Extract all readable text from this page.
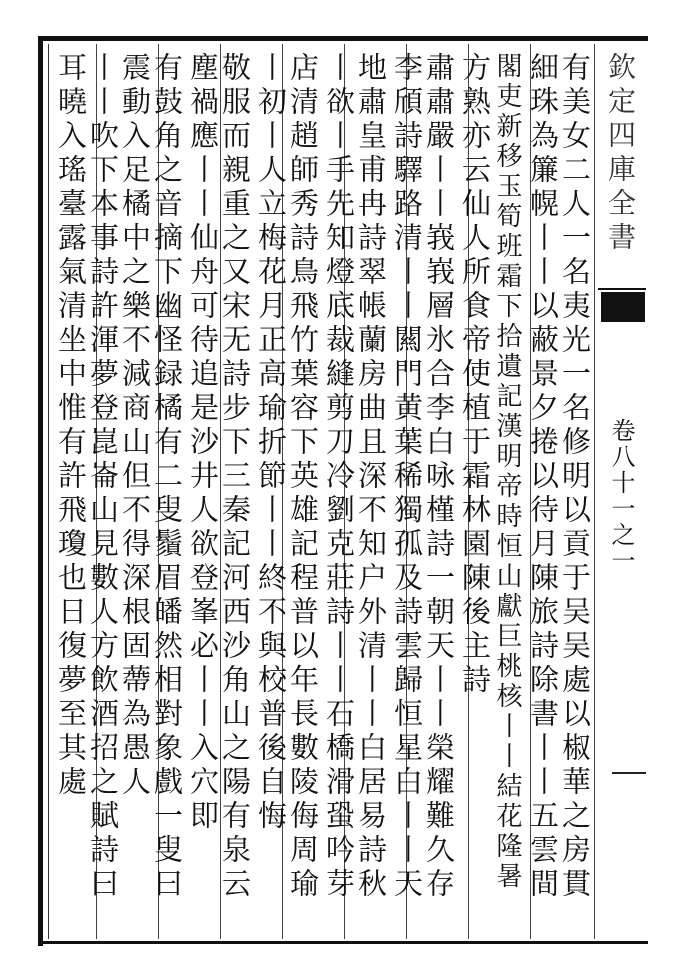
欽定四庫全書
卷八十一之一

有美女二人一名夷光一名修明以貢于吴吴處以椒華之房貫

細珠為簾幌丨丨以蔽景夕捲以待月陳旅詩除書丨丨五雲間

閣吏新移玉筍班霜下拾遺記漢明帝時恒山獻巨桃核丨丨結花隆暑

方熟亦云仙人所食帝使植于霜林園陳後主詩

肅肅嚴丨丨峩峩層氷合李白咏槿詩一朝天丨丨榮耀難久存

李頎詩驛路清丨丨闗門黄葉稀獨孤及詩雲歸恒星白丨丨天

地肅皇甫冉詩翠帳蘭房曲且深不知户外清丨丨白居易詩秋

丨欲丨手先知燈底裁縫剪刀冷劉克莊詩丨丨石橋滑蛩吟芽

店清趙師秀詩鳥飛竹葉容下英雄記程普以年長數陵侮周瑜

丨初丨人立梅花月正高瑜折節丨丨終不與校普後自悔

敬服而親重之又宋无詩步下三秦記河西沙角山之陽有泉云

塵禍應丨丨仙舟可待追是沙井人欲登峯必丨丨入穴即

有鼓角之音摘下幽怪録橘有二叟鬚眉皤然相對象戲一叟曰

震動入足橘中之樂不減商山但不得深根固蔕為愚人

丨丨吹下本事詩許渾夢登崑崙山見數人方飲酒招之賦詩曰

耳曉入瑤臺露氣清坐中惟有許飛瓊也日復夢至其處
